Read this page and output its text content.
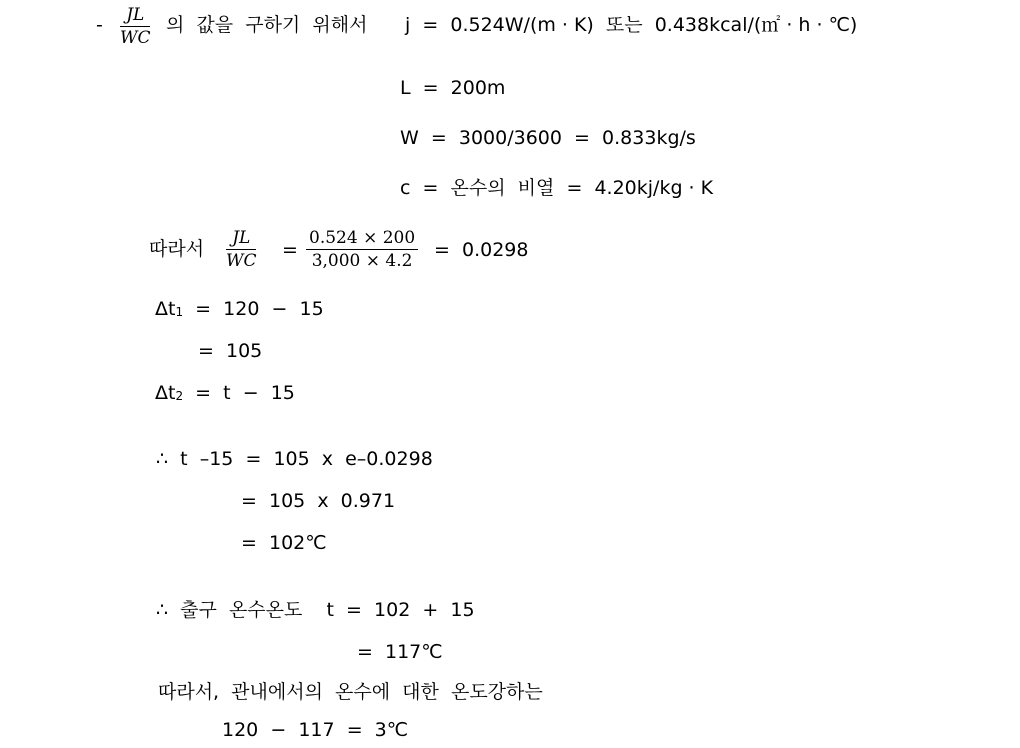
- $\frac{JL}{WC}$ 의  값을  구하기  위해서 j  =  0.524W/(m · K)  또는  0.438kcal/(㎡ · h · ℃)
L  =  200m
W  =  3000/3600  =  0.833kg/s
c  =  온수의  비열  =  4.20kj/kg · K
따라서 $\frac{JL}{WC} = \frac{0.524 \times 200}{3,000 \times 4.2} = 0.0298$
$\Delta t_1 = 120 - 15$
=  105
$\Delta t_2 = t - 15$
∴  t  –15  =  105  x  e–0.0298
=  105  x  0.971
=  102℃
∴  출구  온수온도    t  =  102  +  15
=  117℃
따라서,  관내에서의  온수에  대한  온도강하는
120  −  117  =  3℃
